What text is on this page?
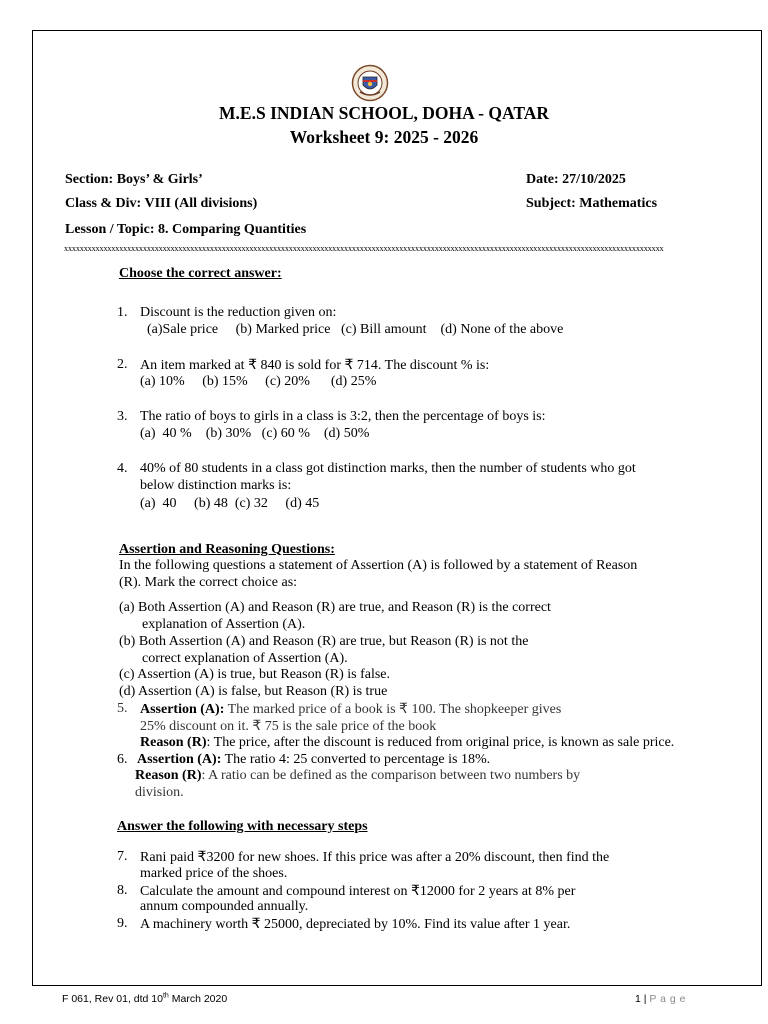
M.E.S INDIAN SCHOOL, DOHA - QATAR
Worksheet 9: 2025 - 2026
Section: Boys’ & Girls’	Date: 27/10/2025
Class & Div: VIII (All divisions)	Subject: Mathematics
Lesson / Topic: 8. Comparing Quantities
xxxxxxxxxxxxxxxxxxxxxxxxxxxxxxxxxxxxxxxxxxxxxxxxxxxxxxxxxxxxxxxxxxxxxxxxxxxxxxxxxxxxxxxxxxxxxxxxxxxxxxxxxxxxxxxxxxxxxxxxxxxxxxxxxxxxxxxxxxxxxxxxxxxxxxxx
Choose the correct answer:
1. Discount is the reduction given on:
(a)Sale price     (b) Marked price   (c) Bill amount    (d) None of the above
2. An item marked at ₹ 840 is sold for ₹ 714. The discount % is:
(a) 10%     (b) 15%     (c) 20%      (d) 25%
3. The ratio of boys to girls in a class is 3:2, then the percentage of boys is:
(a)  40 %    (b) 30%   (c) 60 %    (d) 50%
4. 40% of 80 students in a class got distinction marks, then the number of students who got
below distinction marks is:
(a)  40     (b) 48  (c) 32     (d) 45
Assertion and Reasoning Questions:
In the following questions a statement of Assertion (A) is followed by a statement of Reason
(R). Mark the correct choice as:
(a) Both Assertion (A) and Reason (R) are true, and Reason (R) is the correct
explanation of Assertion (A).
(b) Both Assertion (A) and Reason (R) are true, but Reason (R) is not the
correct explanation of Assertion (A).
(c) Assertion (A) is true, but Reason (R) is false.
(d) Assertion (A) is false, but Reason (R) is true
5. Assertion (A): The marked price of a book is ₹ 100. The shopkeeper gives
25% discount on it. ₹ 75 is the sale price of the book
Reason (R): The price, after the discount is reduced from original price, is known as sale price.
6. Assertion (A): The ratio 4: 25 converted to percentage is 18%.
Reason (R): A ratio can be defined as the comparison between two numbers by
division.
Answer the following with necessary steps
7. Rani paid ₹3200 for new shoes. If this price was after a 20% discount, then find the
marked price of the shoes.
8. Calculate the amount and compound interest on ₹12000 for 2 years at 8% per
annum compounded annually.
9. A machinery worth ₹ 25000, depreciated by 10%. Find its value after 1 year.
F 061, Rev 01, dtd 10th March 2020	1 | P a g e
